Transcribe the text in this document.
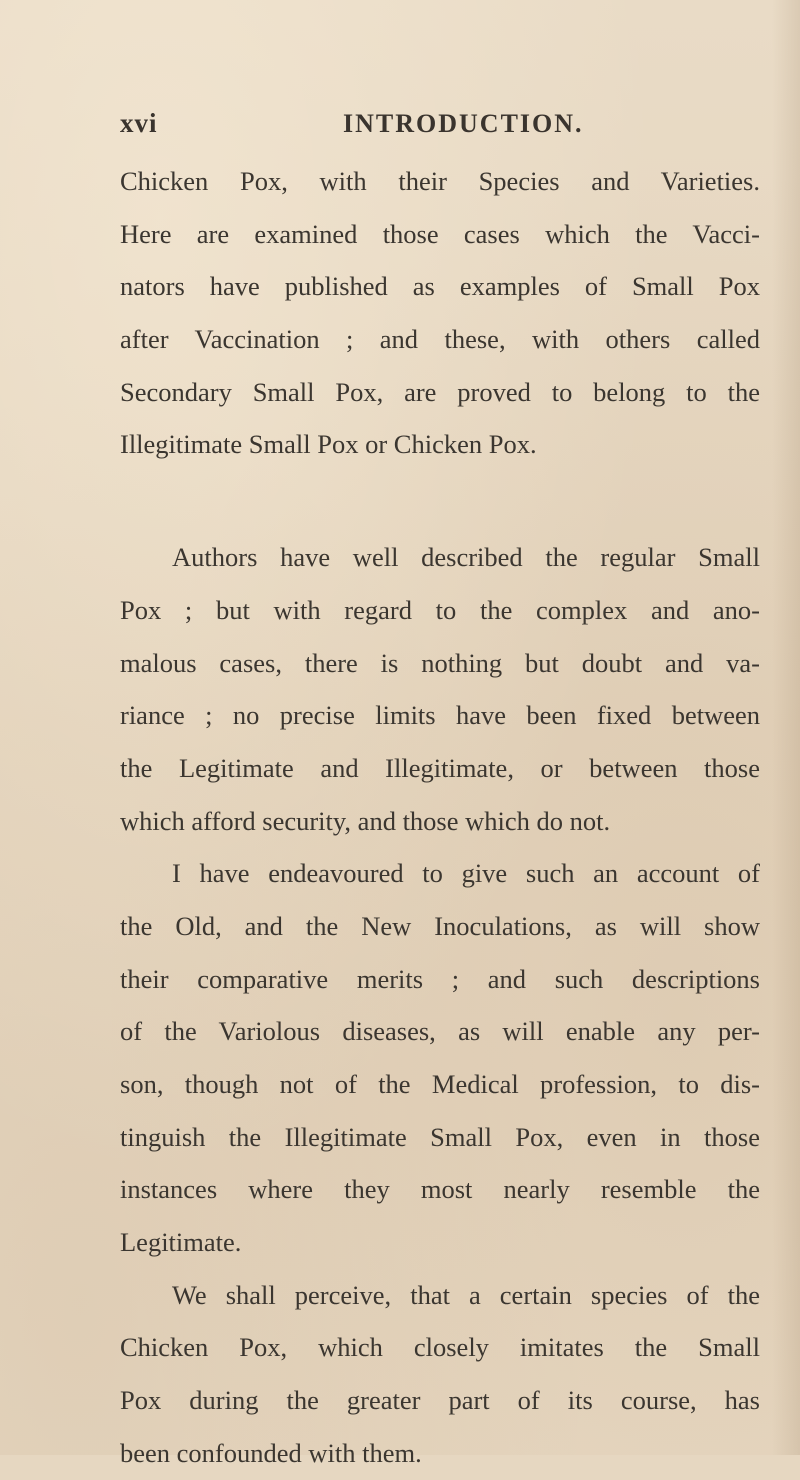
xvi	INTRODUCTION.
Chicken Pox, with their Species and Varieties.
Here are examined those cases which the Vacci-
nators have published as examples of Small Pox
after Vaccination ; and these, with others called
Secondary Small Pox, are proved to belong to the
Illegitimate Small Pox or Chicken Pox.
Authors have well described the regular Small
Pox ; but with regard to the complex and ano-
malous cases, there is nothing but doubt and va-
riance ; no precise limits have been fixed between
the Legitimate and Illegitimate, or between those
which afford security, and those which do not.
I have endeavoured to give such an account of
the Old, and the New Inoculations, as will show
their comparative merits ; and such descriptions
of the Variolous diseases, as will enable any per-
son, though not of the Medical profession, to dis-
tinguish the Illegitimate Small Pox, even in those
instances where they most nearly resemble the
Legitimate.
We shall perceive, that a certain species of the
Chicken Pox, which closely imitates the Small
Pox during the greater part of its course, has
been confounded with them.
